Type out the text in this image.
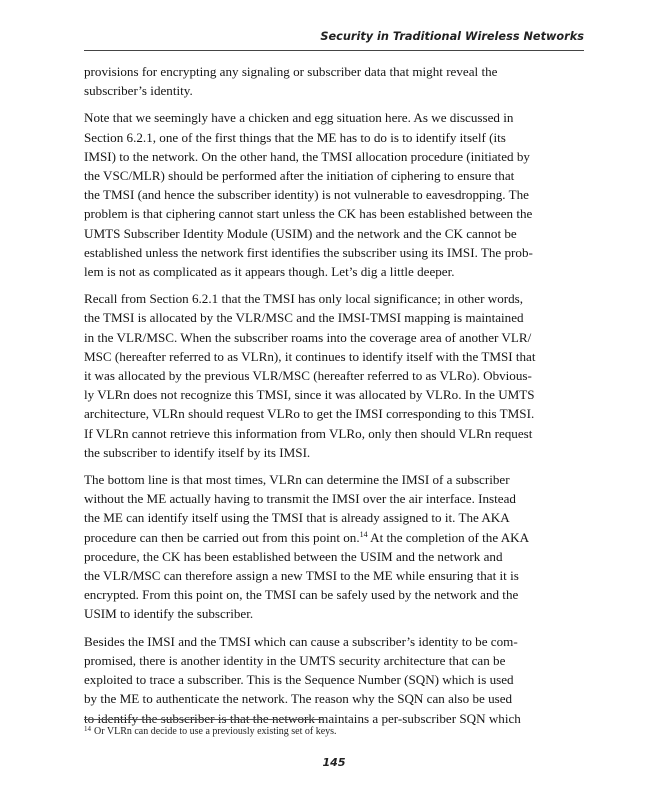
Security in Traditional Wireless Networks

provisions for encrypting any signaling or subscriber data that might reveal the
subscriber’s identity.

Note that we seemingly have a chicken and egg situation here. As we discussed in
Section 6.2.1, one of the first things that the ME has to do is to identify itself (its
IMSI) to the network. On the other hand, the TMSI allocation procedure (initiated by
the VSC/MLR) should be performed after the initiation of ciphering to ensure that
the TMSI (and hence the subscriber identity) is not vulnerable to eavesdropping. The
problem is that ciphering cannot start unless the CK has been established between the
UMTS Subscriber Identity Module (USIM) and the network and the CK cannot be
established unless the network first identifies the subscriber using its IMSI. The prob-
lem is not as complicated as it appears though. Let’s dig a little deeper.

Recall from Section 6.2.1 that the TMSI has only local significance; in other words,
the TMSI is allocated by the VLR/MSC and the IMSI-TMSI mapping is maintained
in the VLR/MSC. When the subscriber roams into the coverage area of another VLR/
MSC (hereafter referred to as VLRn), it continues to identify itself with the TMSI that
it was allocated by the previous VLR/MSC (hereafter referred to as VLRo). Obvious-
ly VLRn does not recognize this TMSI, since it was allocated by VLRo. In the UMTS
architecture, VLRn should request VLRo to get the IMSI corresponding to this TMSI.
If VLRn cannot retrieve this information from VLRo, only then should VLRn request
the subscriber to identify itself by its IMSI.

The bottom line is that most times, VLRn can determine the IMSI of a subscriber
without the ME actually having to transmit the IMSI over the air interface. Instead
the ME can identify itself using the TMSI that is already assigned to it. The AKA
procedure can then be carried out from this point on.$^{14}$ At the completion of the AKA
procedure, the CK has been established between the USIM and the network and
the VLR/MSC can therefore assign a new TMSI to the ME while ensuring that it is
encrypted. From this point on, the TMSI can be safely used by the network and the
USIM to identify the subscriber.

Besides the IMSI and the TMSI which can cause a subscriber’s identity to be com-
promised, there is another identity in the UMTS security architecture that can be
exploited to trace a subscriber. This is the Sequence Number (SQN) which is used
by the ME to authenticate the network. The reason why the SQN can also be used
to identify the subscriber is that the network maintains a per-subscriber SQN which

$^{14}$ Or VLRn can decide to use a previously existing set of keys.
145
